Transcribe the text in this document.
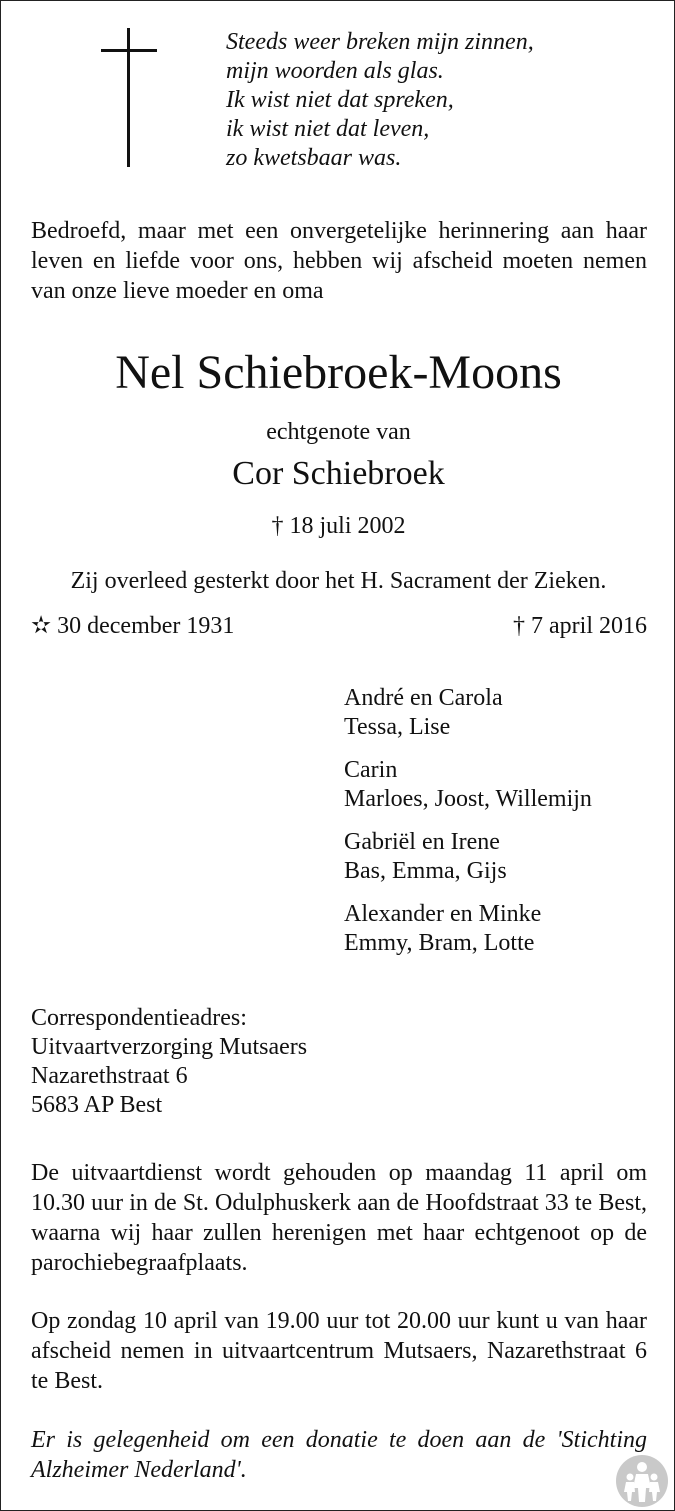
Steeds weer breken mijn zinnen,
mijn woorden als glas.
Ik wist niet dat spreken,
ik wist niet dat leven,
zo kwetsbaar was.
Bedroefd, maar met een onvergetelijke herinnering aan haar leven en liefde voor ons, hebben wij afscheid moeten nemen van onze lieve moeder en oma
Nel Schiebroek-Moons
echtgenote van
Cor Schiebroek
† 18 juli 2002
Zij overleed gesterkt door het H. Sacrament der Zieken.
✫ 30 december 1931	† 7 april 2016
André en Carola
Tessa, Lise
Carin
Marloes, Joost, Willemijn
Gabriël en Irene
Bas, Emma, Gijs
Alexander en Minke
Emmy, Bram, Lotte
Correspondentieadres:
Uitvaartverzorging Mutsaers
Nazarethstraat 6
5683 AP Best
De uitvaartdienst wordt gehouden op maandag 11 april om 10.30 uur in de St. Odulphuskerk aan de Hoofdstraat 33 te Best, waarna wij haar zullen herenigen met haar echtgenoot op de parochiebegraafplaats.
Op zondag 10 april van 19.00 uur tot 20.00 uur kunt u van haar afscheid nemen in uitvaartcentrum Mutsaers, Nazarethstraat 6 te Best.
Er is gelegenheid om een donatie te doen aan de 'Stichting Alzheimer Nederland'.
